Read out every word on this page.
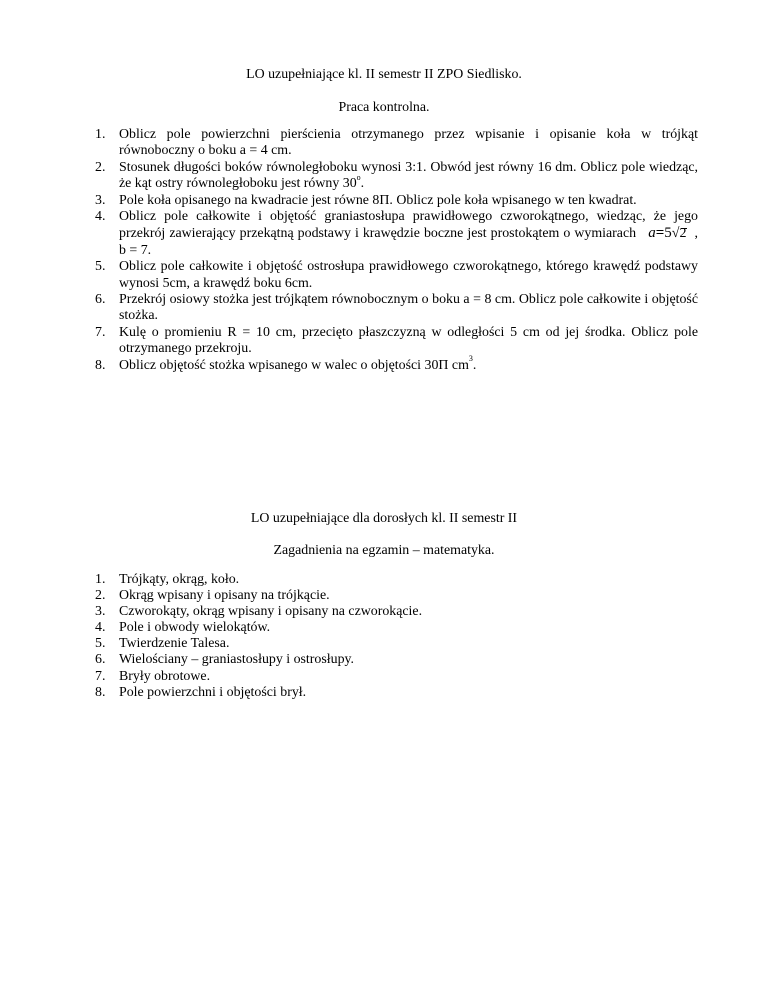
LO uzupełniające kl. II semestr II ZPO Siedlisko.
Praca kontrolna.
1. Oblicz pole powierzchni pierścienia otrzymanego przez wpisanie i opisanie koła w trójkąt równoboczny o boku a = 4 cm.
2. Stosunek długości boków równoległoboku wynosi 3:1. Obwód jest równy 16 dm. Oblicz pole wiedząc, że kąt ostry równoległoboku jest równy 30$^o$.
3. Pole koła opisanego na kwadracie jest równe 8Π. Oblicz pole koła wpisanego w ten kwadrat.
4. Oblicz pole całkowite i objętość graniastosłupa prawidłowego czworokątnego, wiedząc, że jego przekrój zawierający przekątną podstawy i krawędzie boczne jest prostokątem o wymiarach a=5√
2 , b = 7.
5. Oblicz pole całkowite i objętość ostrosłupa prawidłowego czworokątnego, którego krawędź podstawy wynosi 5cm, a krawędź boku 6cm.
6. Przekrój osiowy stożka jest trójkątem równobocznym o boku a = 8 cm. Oblicz pole całkowite i objętość stożka.
7. Kulę o promieniu R = 10 cm, przecięto płaszczyzną w odległości 5 cm od jej środka. Oblicz pole otrzymanego przekroju.
8. Oblicz objętość stożka wpisanego w walec o objętości 30Π $cm^3$.
LO uzupełniające dla dorosłych kl. II semestr II
Zagadnienia na egzamin – matematyka.
1. Trójkąty, okrąg, koło.
2. Okrąg wpisany i opisany na trójkącie.
3. Czworokąty, okrąg wpisany i opisany na czworokącie.
4. Pole i obwody wielokątów.
5. Twierdzenie Talesa.
6. Wielościany – graniastosłupy i ostrosłupy.
7. Bryły obrotowe.
8. Pole powierzchni i objętości brył.
